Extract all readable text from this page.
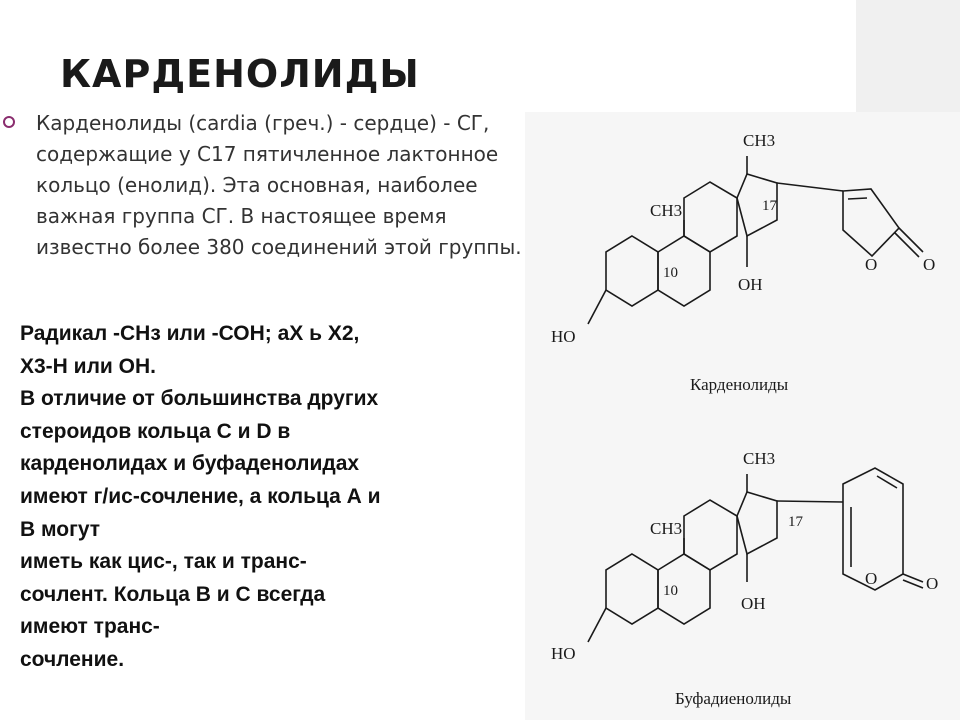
КАРДЕНОЛИДЫ

Карденолиды (cardia (греч.) - сердце) - СГ, содержащие у С17 пятичленное лактонное кольцо (енолид). Эта основная, наиболее важная группа СГ. В настоящее время известно более 380 соединений этой группы.

Радикал -СНз или -СОН; аХ ь Х2,
Х3-Н или ОН.
В отличие от большинства других
стероидов кольца С и D в
карденолидах и буфаденолидах
имеют г/ис-сочление, а кольца А и
В могут
иметь как цис-, так и транс-
сочлент. Кольца В и С всегда
имеют транс-
сочление.
CH3
CH3	17
10
OH
HO
O	O
Карденолиды
CH3
CH3	17
10
OH
HO
O	O
Буфадиенолиды
